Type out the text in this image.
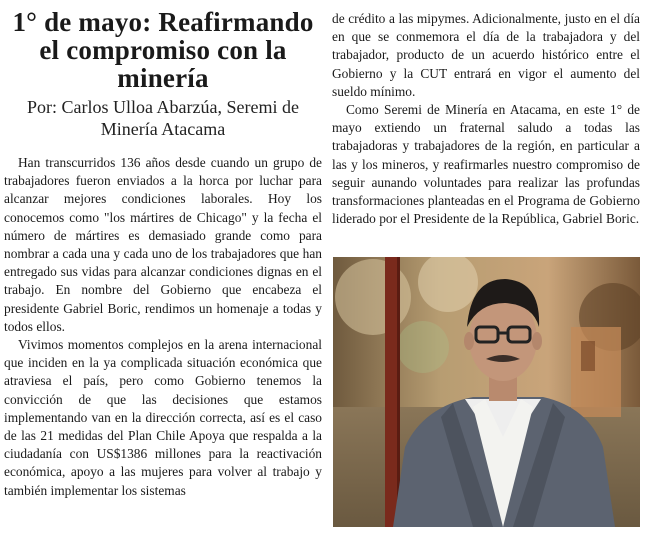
1° de mayo: Reafirmando el compromiso con la minería

Por: Carlos Ulloa Abarzúa, Seremi de Minería Atacama

Han transcurridos 136 años desde cuando un grupo de trabajadores fueron enviados a la horca por luchar para alcanzar mejores condiciones laborales. Hoy los conocemos como "los mártires de Chicago" y la fecha el número de mártires es demasiado grande como para nombrar a cada una y cada uno de los trabajadores que han entregado sus vidas para alcanzar condiciones dignas en el trabajo. En nombre del Gobierno que encabeza el presidente Gabriel Boric, rendimos un homenaje a todas y todos ellos.

Vivimos momentos complejos en la arena internacional que inciden en la ya complicada situación económica que atraviesa el país, pero como Gobierno tenemos la convicción de que las decisiones que estamos implementando van en la dirección correcta, así es el caso de las 21 medidas del Plan Chile Apoya que respalda a la ciudadanía con US$1386 millones para la reactivación económica, apoyo a las mujeres para volver al trabajo y también implementar los sistemas

de crédito a las mipymes. Adicionalmente, justo en el día en que se conmemora el día de la trabajadora y del trabajador, producto de un acuerdo histórico entre el Gobierno y la CUT entrará en vigor el aumento del sueldo mínimo.

Como Seremi de Minería en Atacama, en este 1° de mayo extiendo un fraternal saludo a todas las trabajadoras y trabajadores de la región, en particular a las y los mineros, y reafirmarles nuestro compromiso de seguir aunando voluntades para realizar las profundas transformaciones planteadas en el Programa de Gobierno liderado por el Presidente de la República, Gabriel Boric.
